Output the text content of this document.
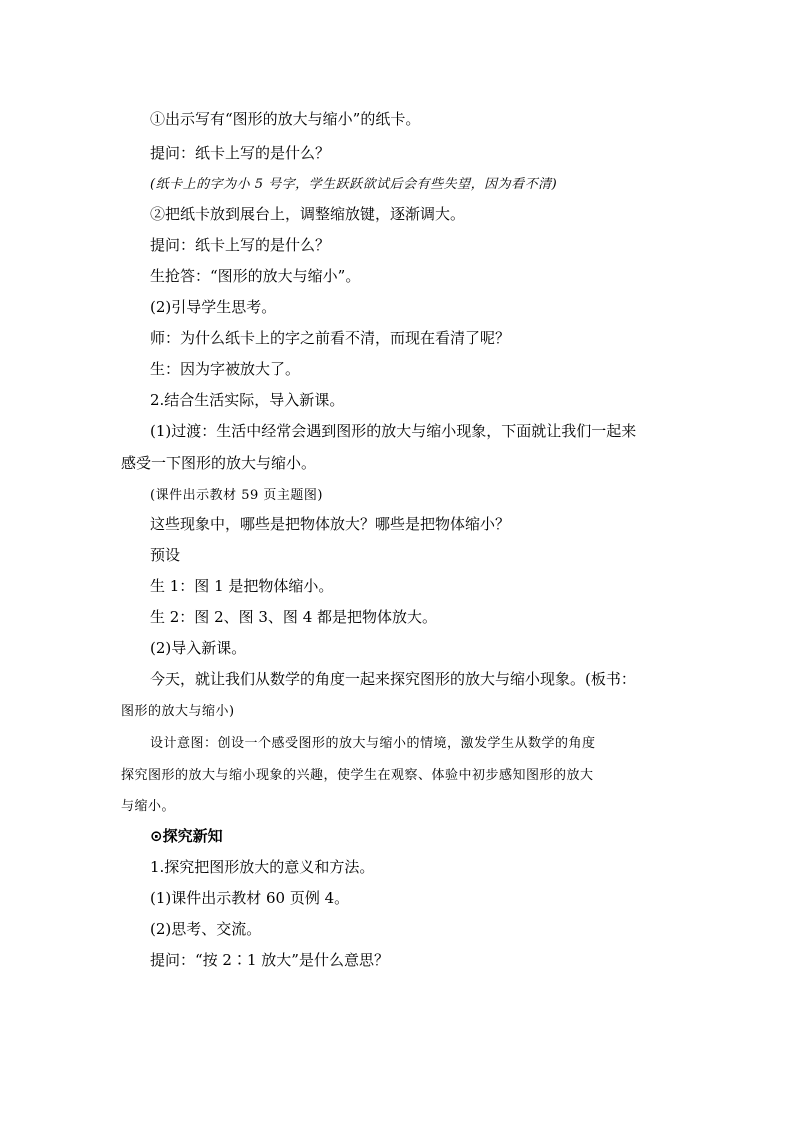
①出示写有“图形的放大与缩小”的纸卡。
提问：纸卡上写的是什么？
(纸卡上的字为小 5 号字，学生跃跃欲试后会有些失望，因为看不清)
②把纸卡放到展台上，调整缩放键，逐渐调大。
提问：纸卡上写的是什么？
生抢答：“图形的放大与缩小”。
(2)引导学生思考。
师：为什么纸卡上的字之前看不清，而现在看清了呢？
生：因为字被放大了。
2.结合生活实际，导入新课。
(1)过渡：生活中经常会遇到图形的放大与缩小现象，下面就让我们一起来
感受一下图形的放大与缩小。
(课件出示教材 59 页主题图)
这些现象中，哪些是把物体放大？哪些是把物体缩小？
预设
生 1：图 1 是把物体缩小。
生 2：图 2、图 3、图 4 都是把物体放大。
(2)导入新课。
今天，就让我们从数学的角度一起来探究图形的放大与缩小现象。(板书：
图形的放大与缩小)
设计意图：创设一个感受图形的放大与缩小的情境，激发学生从数学的角度
探究图形的放大与缩小现象的兴趣，使学生在观察、体验中初步感知图形的放大
与缩小。
⊙探究新知
1.探究把图形放大的意义和方法。
(1)课件出示教材 60 页例 4。
(2)思考、交流。
提问：“按 2∶1 放大”是什么意思？
